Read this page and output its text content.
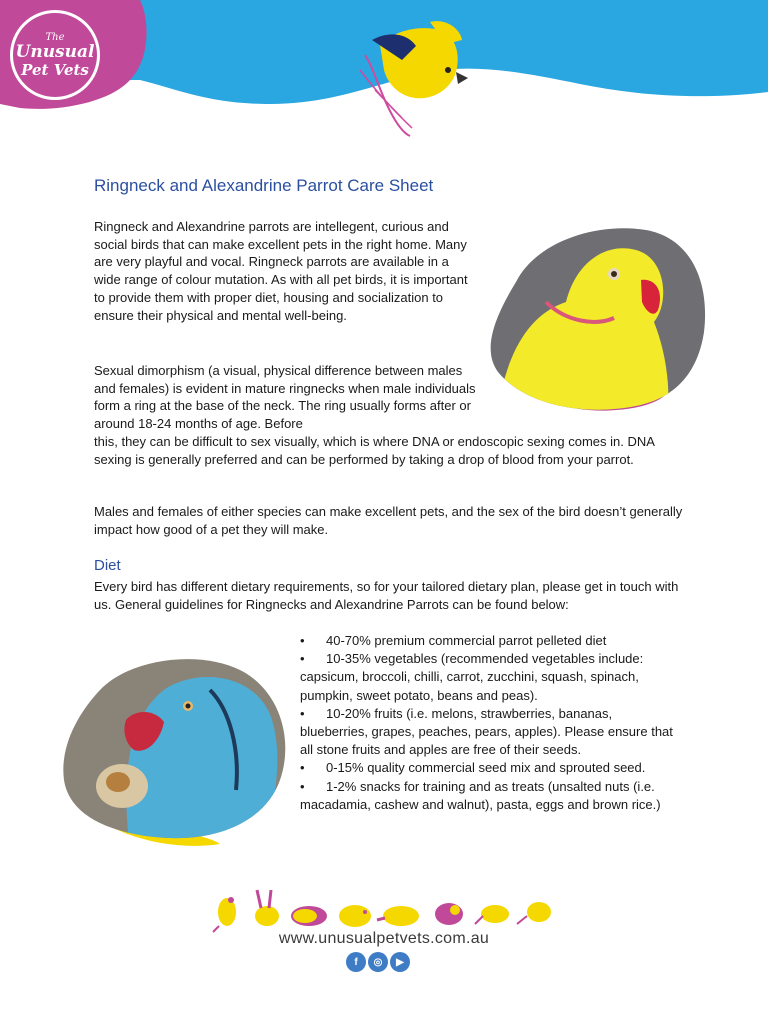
The
Unusual
Pet Vets
Ringneck and Alexandrine Parrot Care Sheet

Ringneck and Alexandrine parrots are intellegent, curious and social birds that can make excellent pets in the right home. Many are very playful and vocal. Ringneck parrots are available in a wide range of colour mutation. As with all pet birds, it is important to provide them with proper diet, housing and socialization to ensure their physical and mental well-being.

Sexual dimorphism (a visual, physical difference between males and females) is evident in mature ringnecks when male individuals form a ring at the base of the neck. The ring usually forms after or around 18-24 months of age. Before
this, they can be difficult to sex visually, which is where DNA or endoscopic sexing comes in. DNA sexing is generally preferred and can be performed by taking a drop of blood from your parrot.

Males and females of either species can make excellent pets, and the sex of the bird doesn’t generally impact how good of a pet they will make.

Diet

Every bird has different dietary requirements, so for your tailored dietary plan, please get in touch with us. General guidelines for Ringnecks and Alexandrine Parrots can be found below:

• 40-70% premium commercial parrot pelleted diet
• 10-35% vegetables (recommended vegetables include: capsicum, broccoli, chilli, carrot, zucchini, squash, spinach, pumpkin, sweet potato, beans and peas).
• 10-20% fruits (i.e. melons, strawberries, bananas, blueberries, grapes, peaches, pears, apples). Please ensure that all stone fruits and apples are free of their seeds.
• 0-15% quality commercial seed mix and sprouted seed.
• 1-2% snacks for training and as treats (unsalted nuts (i.e. macadamia, cashew and walnut), pasta, eggs and brown rice.)
www.unusualpetvets.com.au
f	◎	▶
